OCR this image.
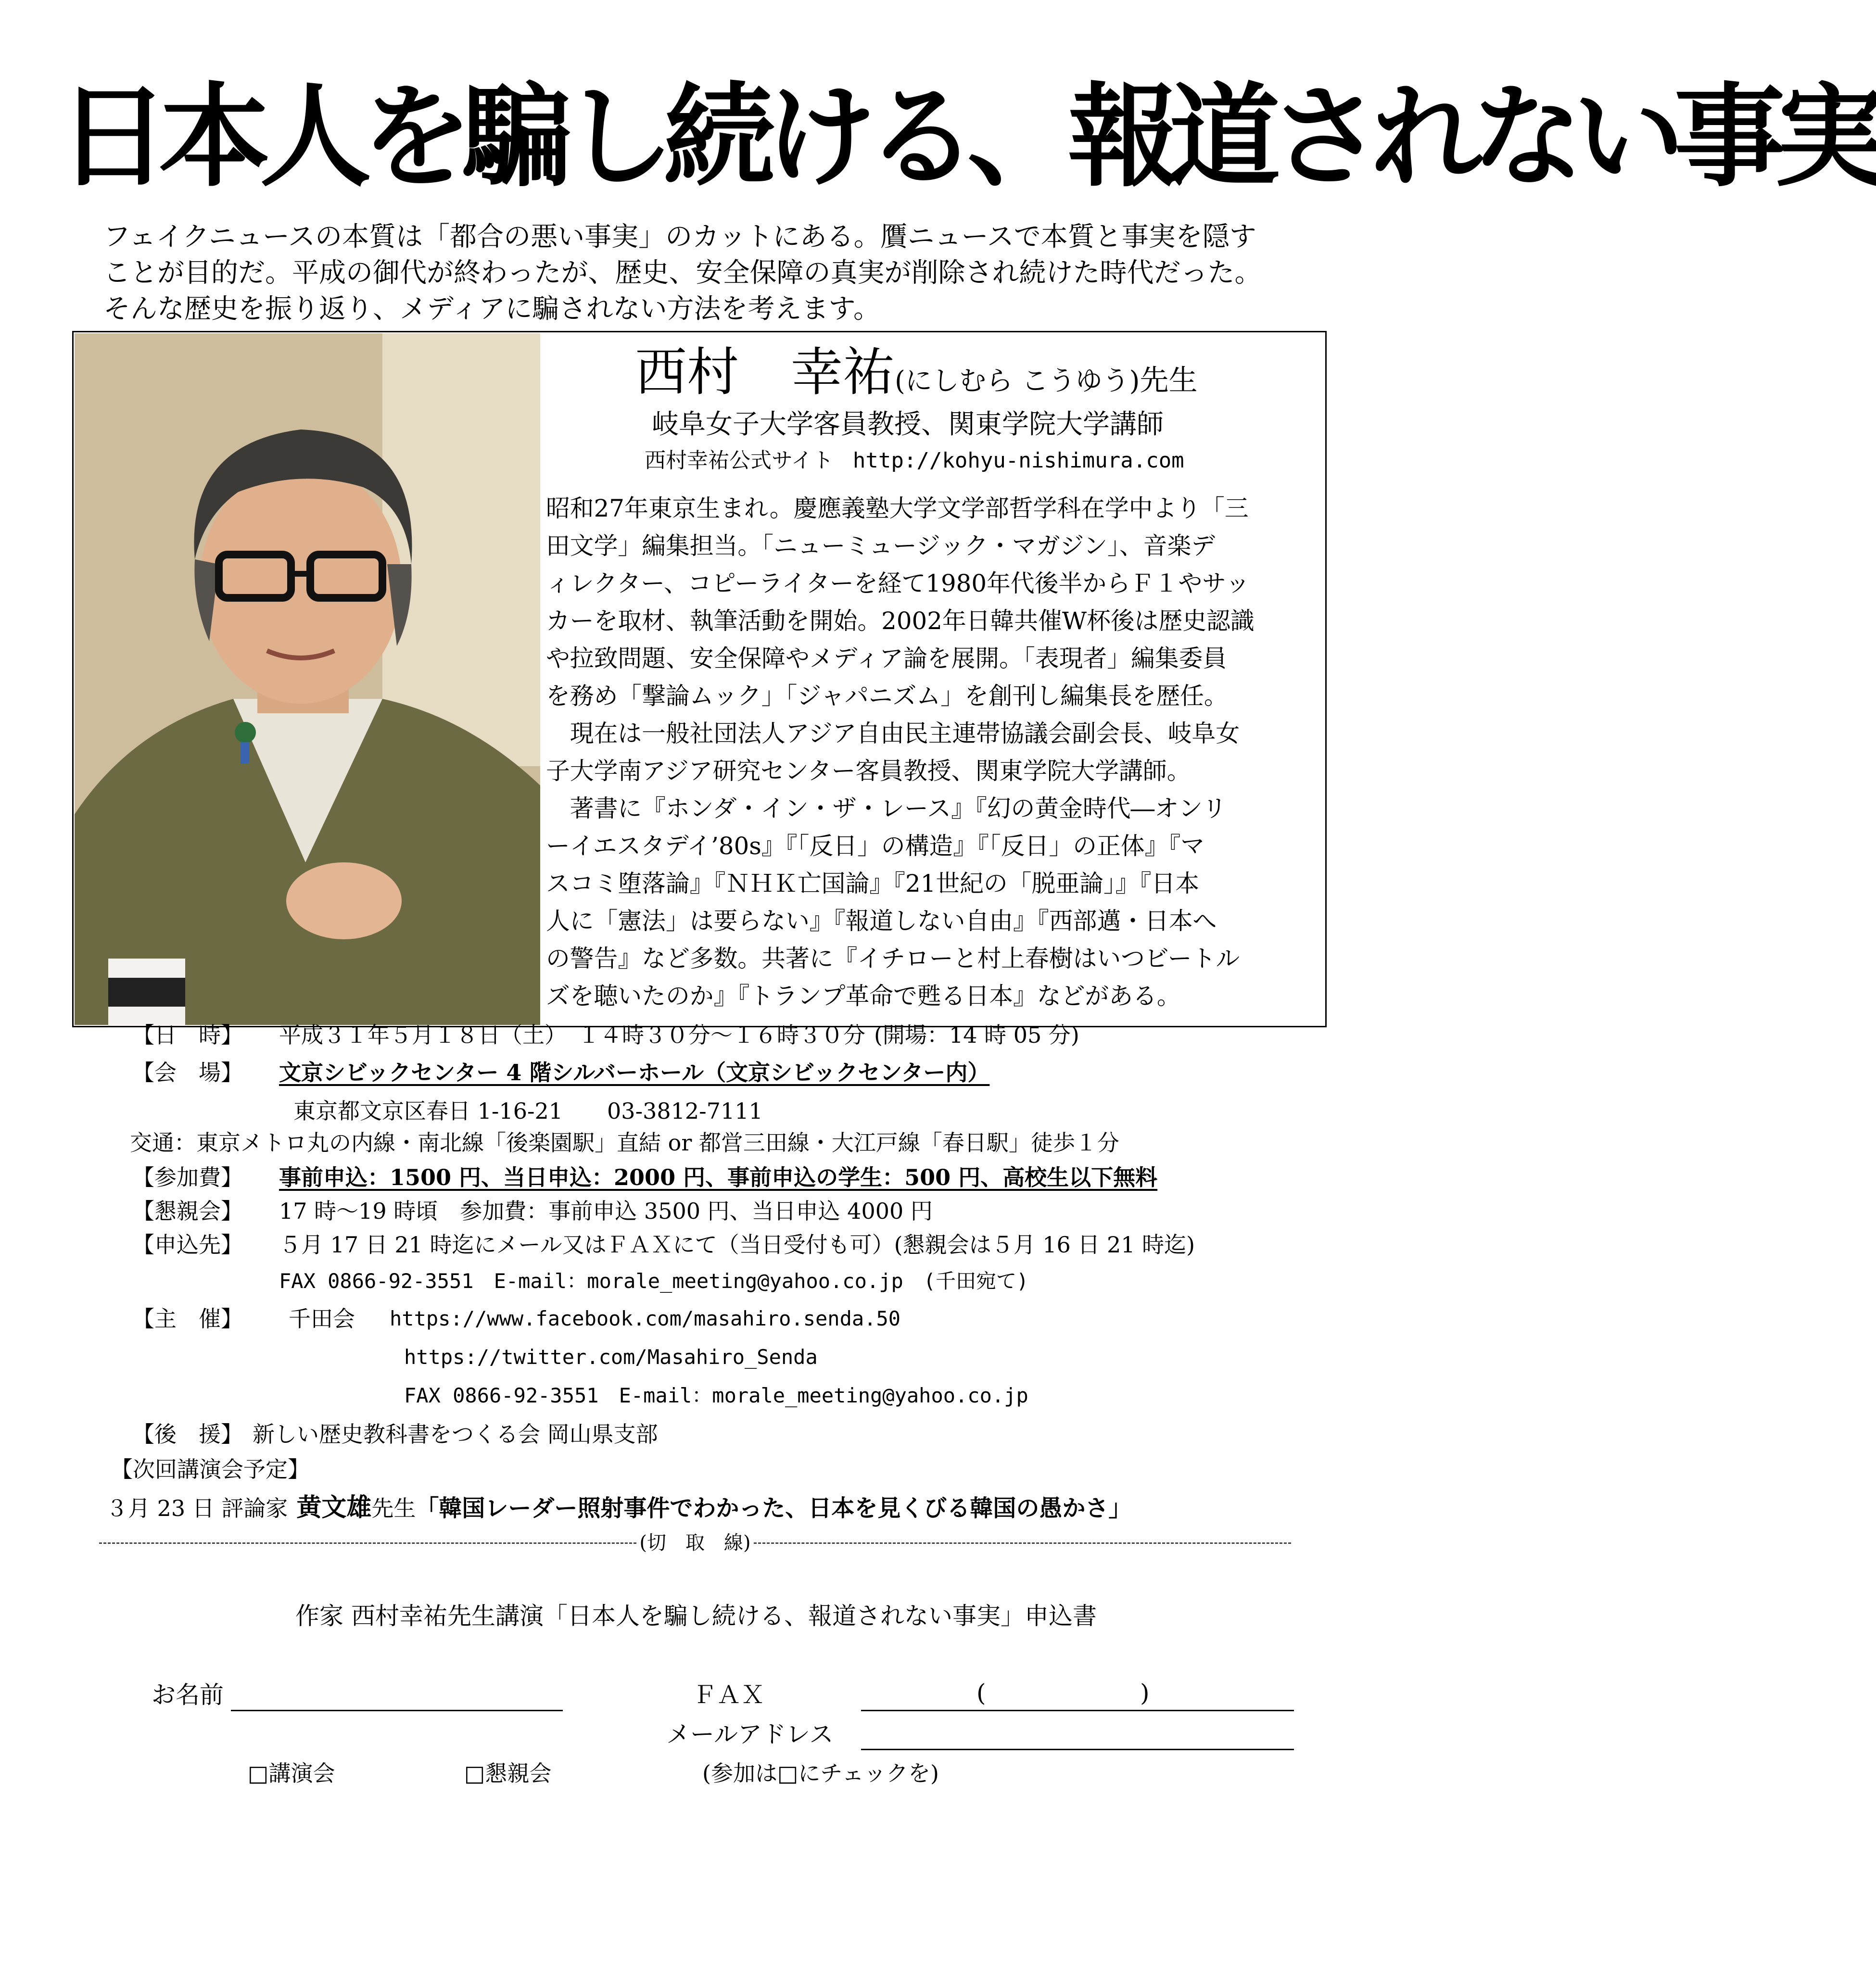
日本人を騙し続ける、報道されない事実
フェイクニュースの本質は「都合の悪い事実」のカットにある。贋ニュースで本質と事実を隠す
ことが目的だ。平成の御代が終わったが、歴史、安全保障の真実が削除され続けた時代だった。
そんな歴史を振り返り、メディアに騙されない方法を考えます。
西村　幸祐(にしむら こうゆう)先生
岐阜女子大学客員教授、関東学院大学講師
西村幸祐公式サイト http://kohyu-nishimura.com
昭和27年東京生まれ。慶應義塾大学文学部哲学科在学中より「三
田文学」編集担当。「ニューミュージック・マガジン」、音楽デ
ィレクター、コピーライターを経て1980年代後半からＦ１やサッ
カーを取材、執筆活動を開始。2002年日韓共催W杯後は歴史認識
や拉致問題、安全保障やメディア論を展開。「表現者」編集委員
を務め「撃論ムック」「ジャパニズム」を創刊し編集長を歴任。
　現在は一般社団法人アジア自由民主連帯協議会副会長、岐阜女
子大学南アジア研究センター客員教授、関東学院大学講師。
　著書に『ホンダ・イン・ザ・レース』『幻の黄金時代―オンリ
ーイエスタデイ’80s』『「反日」の構造』『「反日」の正体』『マ
スコミ堕落論』『ＮＨＫ亡国論』『21世紀の「脱亜論」』『日本
人に「憲法」は要らない』『報道しない自由』『西部邁・日本へ
の警告』など多数。共著に『イチローと村上春樹はいつビートル
ズを聴いたのか』『トランプ革命で甦る日本』などがある。
【日　時】 平成３１年５月１８日（土）　１４時３０分～１６時３０分 (開場：14 時 05 分)
【会　場】 文京シビックセンター 4 階シルバーホール（文京シビックセンター内）
東京都文京区春日 1-16-21　　03-3812-7111
交通：東京メトロ丸の内線・南北線「後楽園駅」直結 or 都営三田線・大江戸線「春日駅」徒歩１分
【参加費】 事前申込：1500 円、当日申込：2000 円、事前申込の学生：500 円、高校生以下無料
【懇親会】 17 時～19 時頃　参加費：事前申込 3500 円、当日申込 4000 円
【申込先】 ５月 17 日 21 時迄にメール又はＦＡＸにて（当日受付も可）(懇親会は５月 16 日 21 時迄)
FAX 0866-92-3551　E-mail：morale_meeting@yahoo.co.jp　(千田宛て)
【主　催】 千田会 https://www.facebook.com/masahiro.senda.50
https://twitter.com/Masahiro_Senda
FAX 0866-92-3551　E-mail：morale_meeting@yahoo.co.jp
【後　援】 新しい歴史教科書をつくる会 岡山県支部
【次回講演会予定】
３月 23 日 評論家 黄文雄先生「韓国レーダー照射事件でわかった、日本を見くびる韓国の愚かさ」
(切　取　線)
作家 西村幸祐先生講演「日本人を騙し続ける、報道されない事実」申込書
お名前	ＦＡＸ	(	)
メールアドレス
□講演会	□懇親会	(参加は□にチェックを)
